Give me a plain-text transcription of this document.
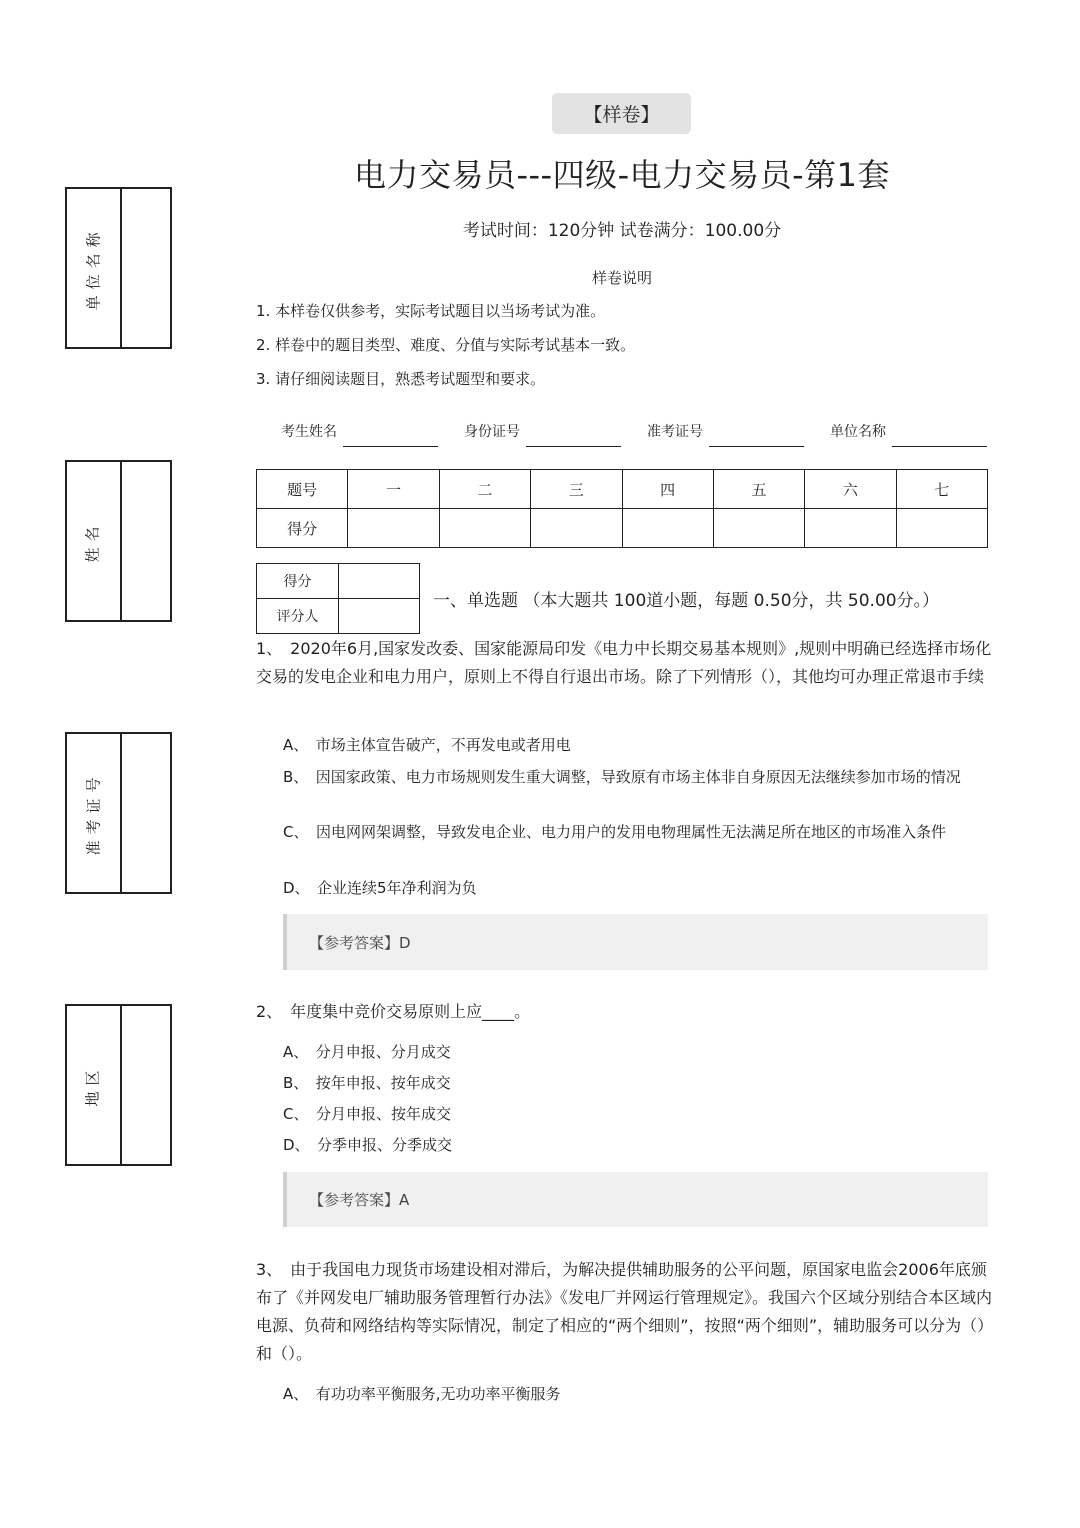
单位名称
姓名
准考证号
地区
【样卷】
电力交易员---四级-电力交易员-第1套
考试时间：120分钟 试卷满分：100.00分
样卷说明
1. 本样卷仅供参考，实际考试题目以当场考试为准。
2. 样卷中的题目类型、难度、分值与实际考试基本一致。
3. 请仔细阅读题目，熟悉考试题型和要求。
考生姓名	身份证号	准考证号	单位名称
题号	一	二	三	四	五	六	七
得分							
得分	
评分人	
一、单选题 （本大题共 100道小题，每题 0.50分，共 50.00分。）
1、　2020年6月,国家发改委、国家能源局印发《电力中长期交易基本规则》,规则中明确已经选择市场化交易的发电企业和电力用户，原则上不得自行退出市场。除了下列情形（），其他均可办理正常退市手续
A、　市场主体宣告破产，不再发电或者用电
B、　因国家政策、电力市场规则发生重大调整，导致原有市场主体非自身原因无法继续参加市场的情况
C、　因电网网架调整，导致发电企业、电力用户的发用电物理属性无法满足所在地区的市场准入条件
D、　企业连续5年净利润为负
【参考答案】D
2、　年度集中竞价交易原则上应____。
A、　分月申报、分月成交
B、　按年申报、按年成交
C、　分月申报、按年成交
D、　分季申报、分季成交
【参考答案】A
3、　由于我国电力现货市场建设相对滞后，为解决提供辅助服务的公平问题，原国家电监会2006年底颁布了《并网发电厂辅助服务管理暂行办法》《发电厂并网运行管理规定》。我国六个区域分别结合本区域内电源、负荷和网络结构等实际情况，制定了相应的“两个细则”，按照“两个细则”，辅助服务可以分为（）和（）。
A、　有功功率平衡服务,无功功率平衡服务
